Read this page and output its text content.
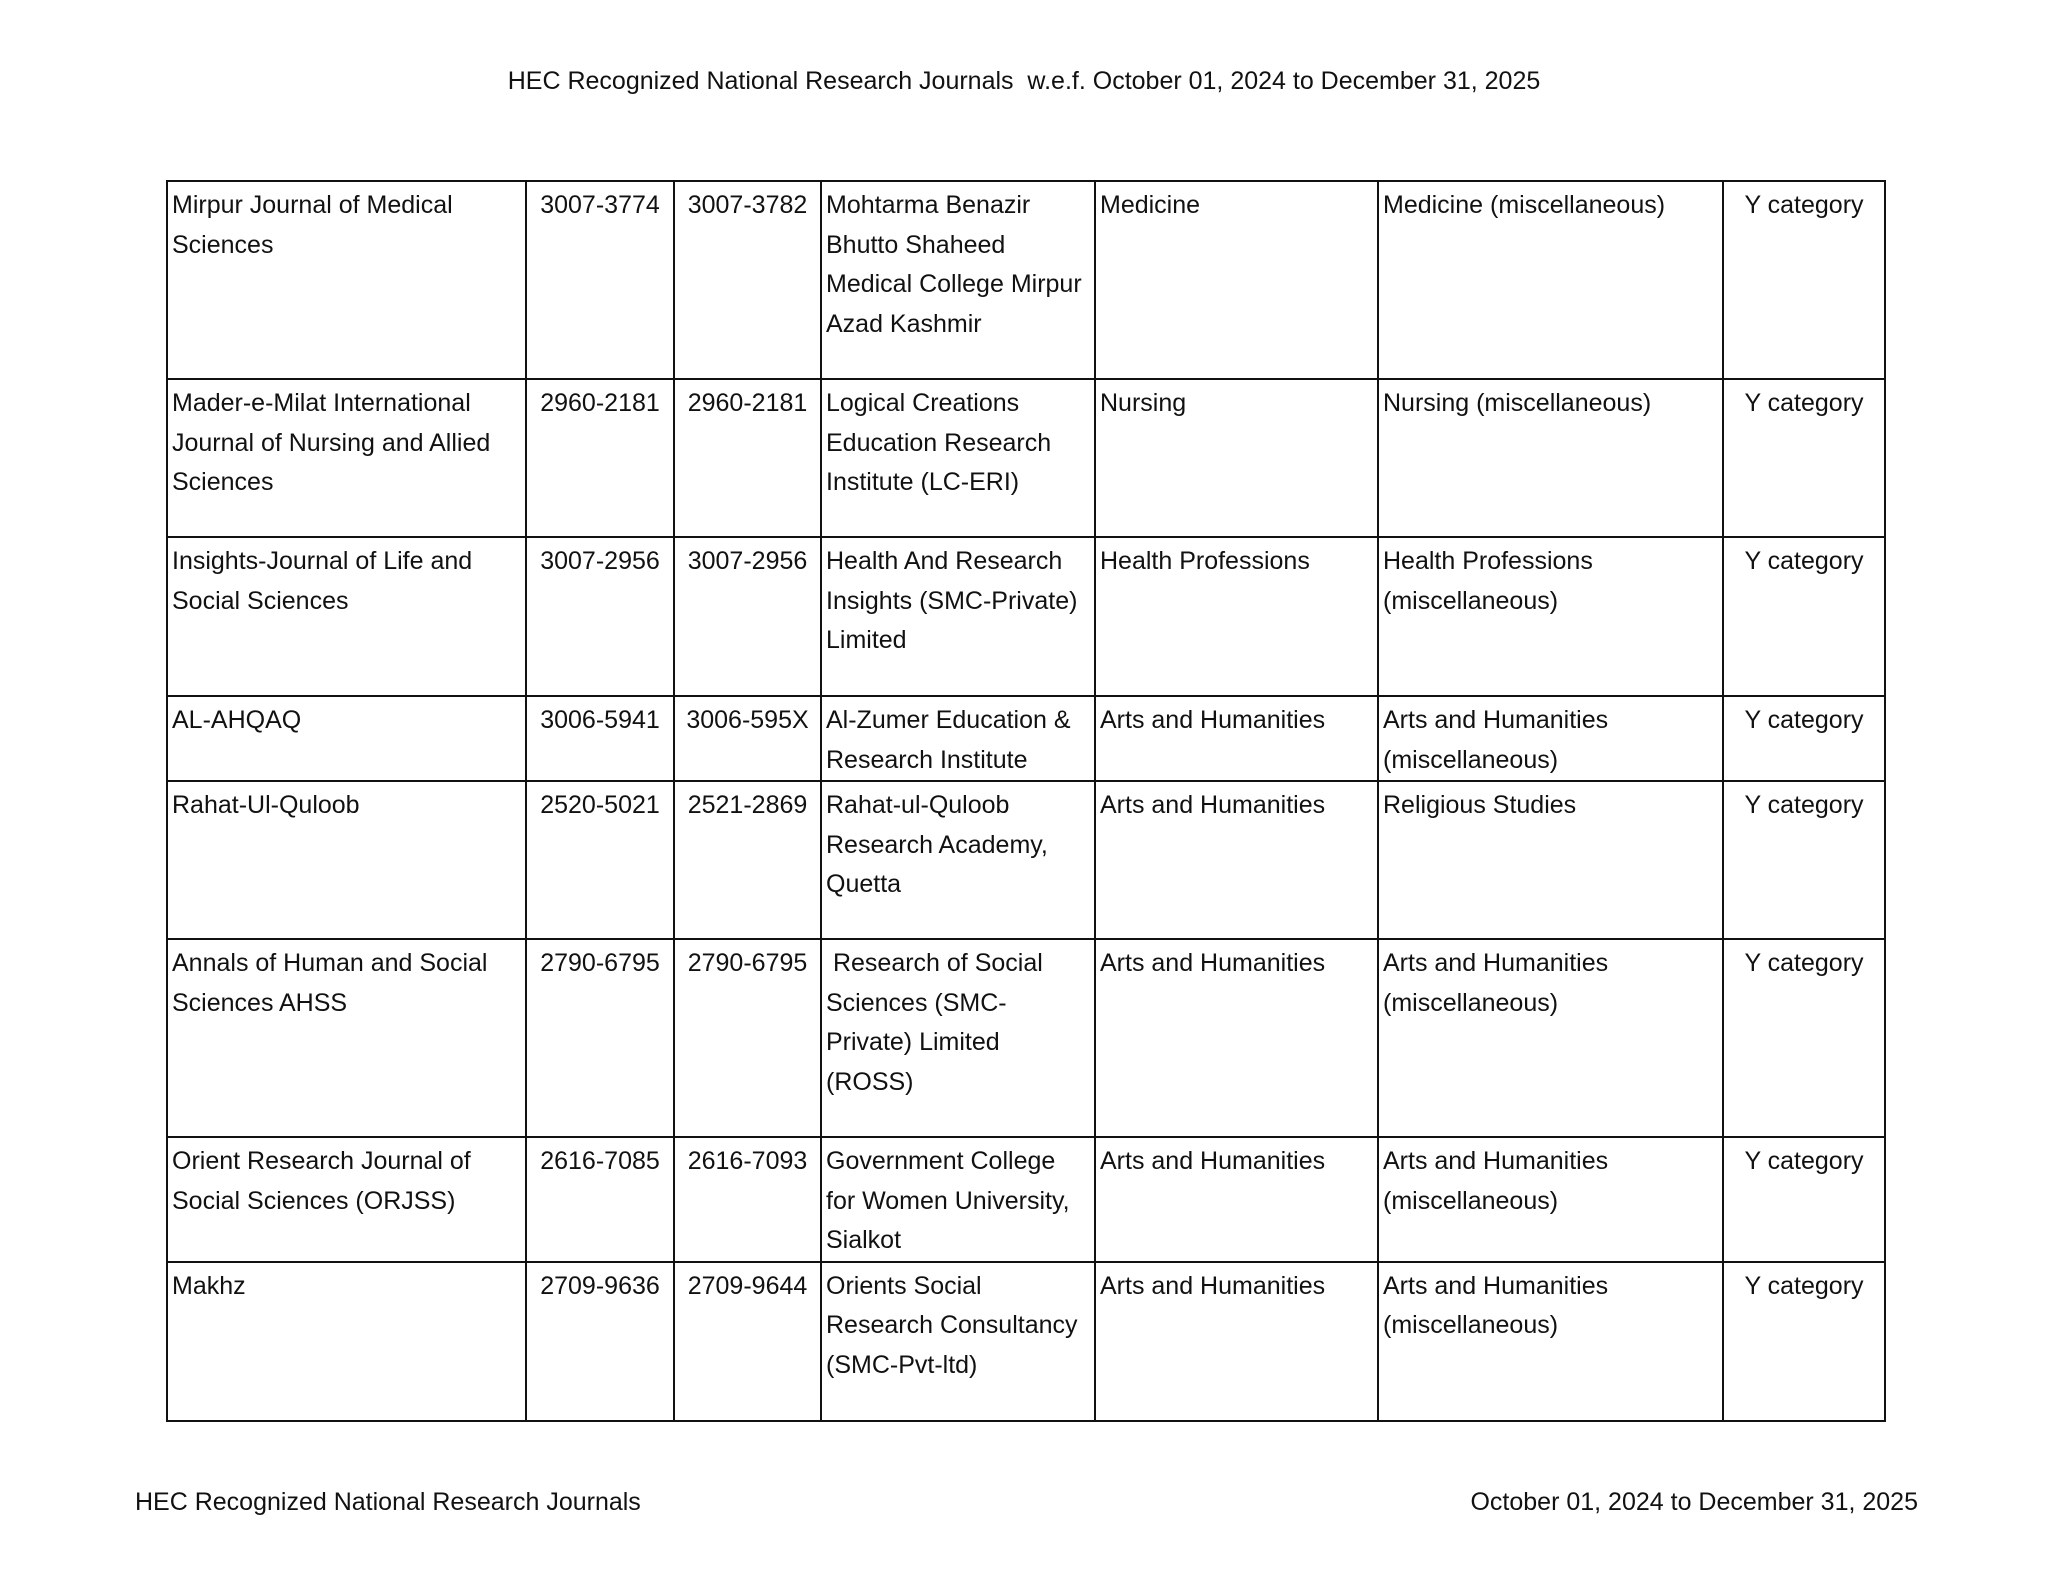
HEC Recognized National Research Journals  w.e.f. October 01, 2024 to December 31, 2025
Mirpur Journal of Medical Sciences	3007-3774	3007-3782	Mohtarma Benazir Bhutto Shaheed Medical College Mirpur Azad Kashmir	Medicine	Medicine (miscellaneous)	Y category
Mader-e-Milat International Journal of Nursing and Allied Sciences	2960-2181	2960-2181	Logical Creations Education Research Institute (LC-ERI)	Nursing	Nursing (miscellaneous)	Y category
Insights-Journal of Life and Social Sciences	3007-2956	3007-2956	Health And Research Insights (SMC-Private) Limited	Health Professions	Health Professions (miscellaneous)	Y category
AL-AHQAQ	3006-5941	3006-595X	Al-Zumer Education & Research Institute	Arts and Humanities	Arts and Humanities (miscellaneous)	Y category
Rahat-Ul-Quloob	2520-5021	2521-2869	Rahat-ul-Quloob Research Academy, Quetta	Arts and Humanities	Religious Studies	Y category
Annals of Human and Social Sciences AHSS	2790-6795	2790-6795	Research of Social Sciences (SMC-Private) Limited (ROSS)	Arts and Humanities	Arts and Humanities (miscellaneous)	Y category
Orient Research Journal of Social Sciences (ORJSS)	2616-7085	2616-7093	Government College for Women University, Sialkot	Arts and Humanities	Arts and Humanities (miscellaneous)	Y category
Makhz	2709-9636	2709-9644	Orients Social Research Consultancy (SMC-Pvt-ltd)	Arts and Humanities	Arts and Humanities (miscellaneous)	Y category
HEC Recognized National Research Journals	October 01, 2024 to December 31, 2025
